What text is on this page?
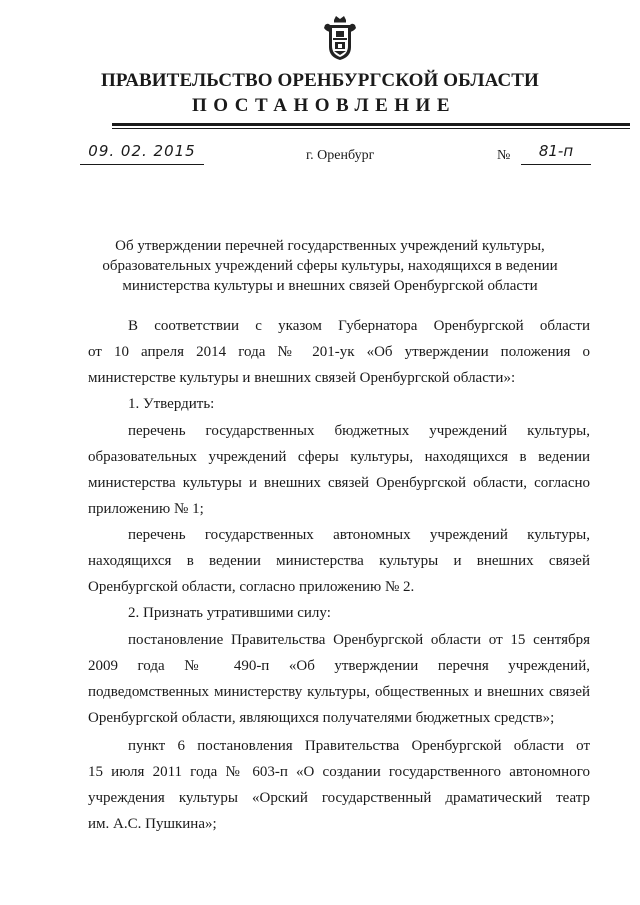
ПРАВИТЕЛЬСТВО ОРЕНБУРГСКОЙ ОБЛАСТИ
ПОСТАНОВЛЕНИЕ
09. 02. 2015	г. Оренбург	№	81-п
Об утверждении перечней государственных учреждений культуры,
образовательных учреждений сферы культуры, находящихся в ведении
министерства культуры и внешних связей Оренбургской области
В соответствии с указом Губернатора Оренбургской области
от 10 апреля 2014 года № 201-ук «Об утверждении положения о
министерстве культуры и внешних связей Оренбургской области»:
1. Утвердить:
перечень государственных бюджетных учреждений культуры,
образовательных учреждений сферы культуры, находящихся в ведении
министерства культуры и внешних связей Оренбургской области, согласно
приложению № 1;
перечень государственных автономных учреждений культуры,
находящихся в ведении министерства культуры и внешних связей
Оренбургской области, согласно приложению № 2.
2. Признать утратившими силу:
постановление Правительства Оренбургской области от 15 сентября
2009 года № 490-п «Об утверждении перечня учреждений,
подведомственных министерству культуры, общественных и внешних связей
Оренбургской области, являющихся получателями бюджетных средств»;
пункт 6 постановления Правительства Оренбургской области от
15 июля 2011 года № 603-п «О создании государственного автономного
учреждения культуры «Орский государственный драматический театр
им. А.С. Пушкина»;
